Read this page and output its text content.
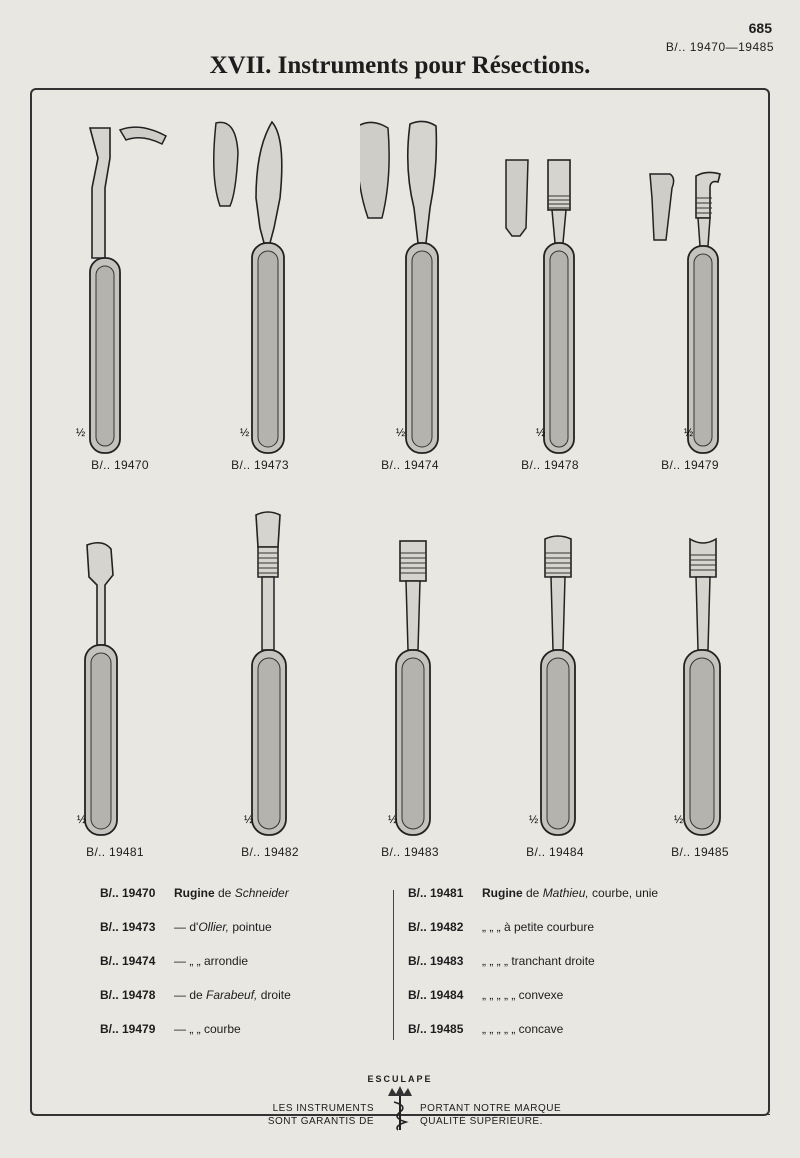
685
B/.. 19470—19485
XVII. Instruments pour Résections.
½
B/.. 19470
½
B/.. 19473
½
B/.. 19474
½
B/.. 19478
½
B/.. 19479
½
B/.. 19481
½
B/.. 19482
½
B/.. 19483
½
B/.. 19484
½
B/.. 19485
B/.. 19470 Rugine de Schneider
B/.. 19473 — d'Ollier, pointue
B/.. 19474 — „ „ arrondie
B/.. 19478 — de Farabeuf, droite
B/.. 19479 — „ „ courbe
B/.. 19481 Rugine de Mathieu, courbe, unie
B/.. 19482 „ „ „ à petite courbure
B/.. 19483 „ „ „ „ tranchant droite
B/.. 19484 „ „ „ „ „ convexe
B/.. 19485 „ „ „ „ „ concave
ESCULAPE
LES INSTRUMENTS
SONT GARANTIS DE
PORTANT NOTRE MARQUE
QUALITÉ SUPÉRIEURE.
